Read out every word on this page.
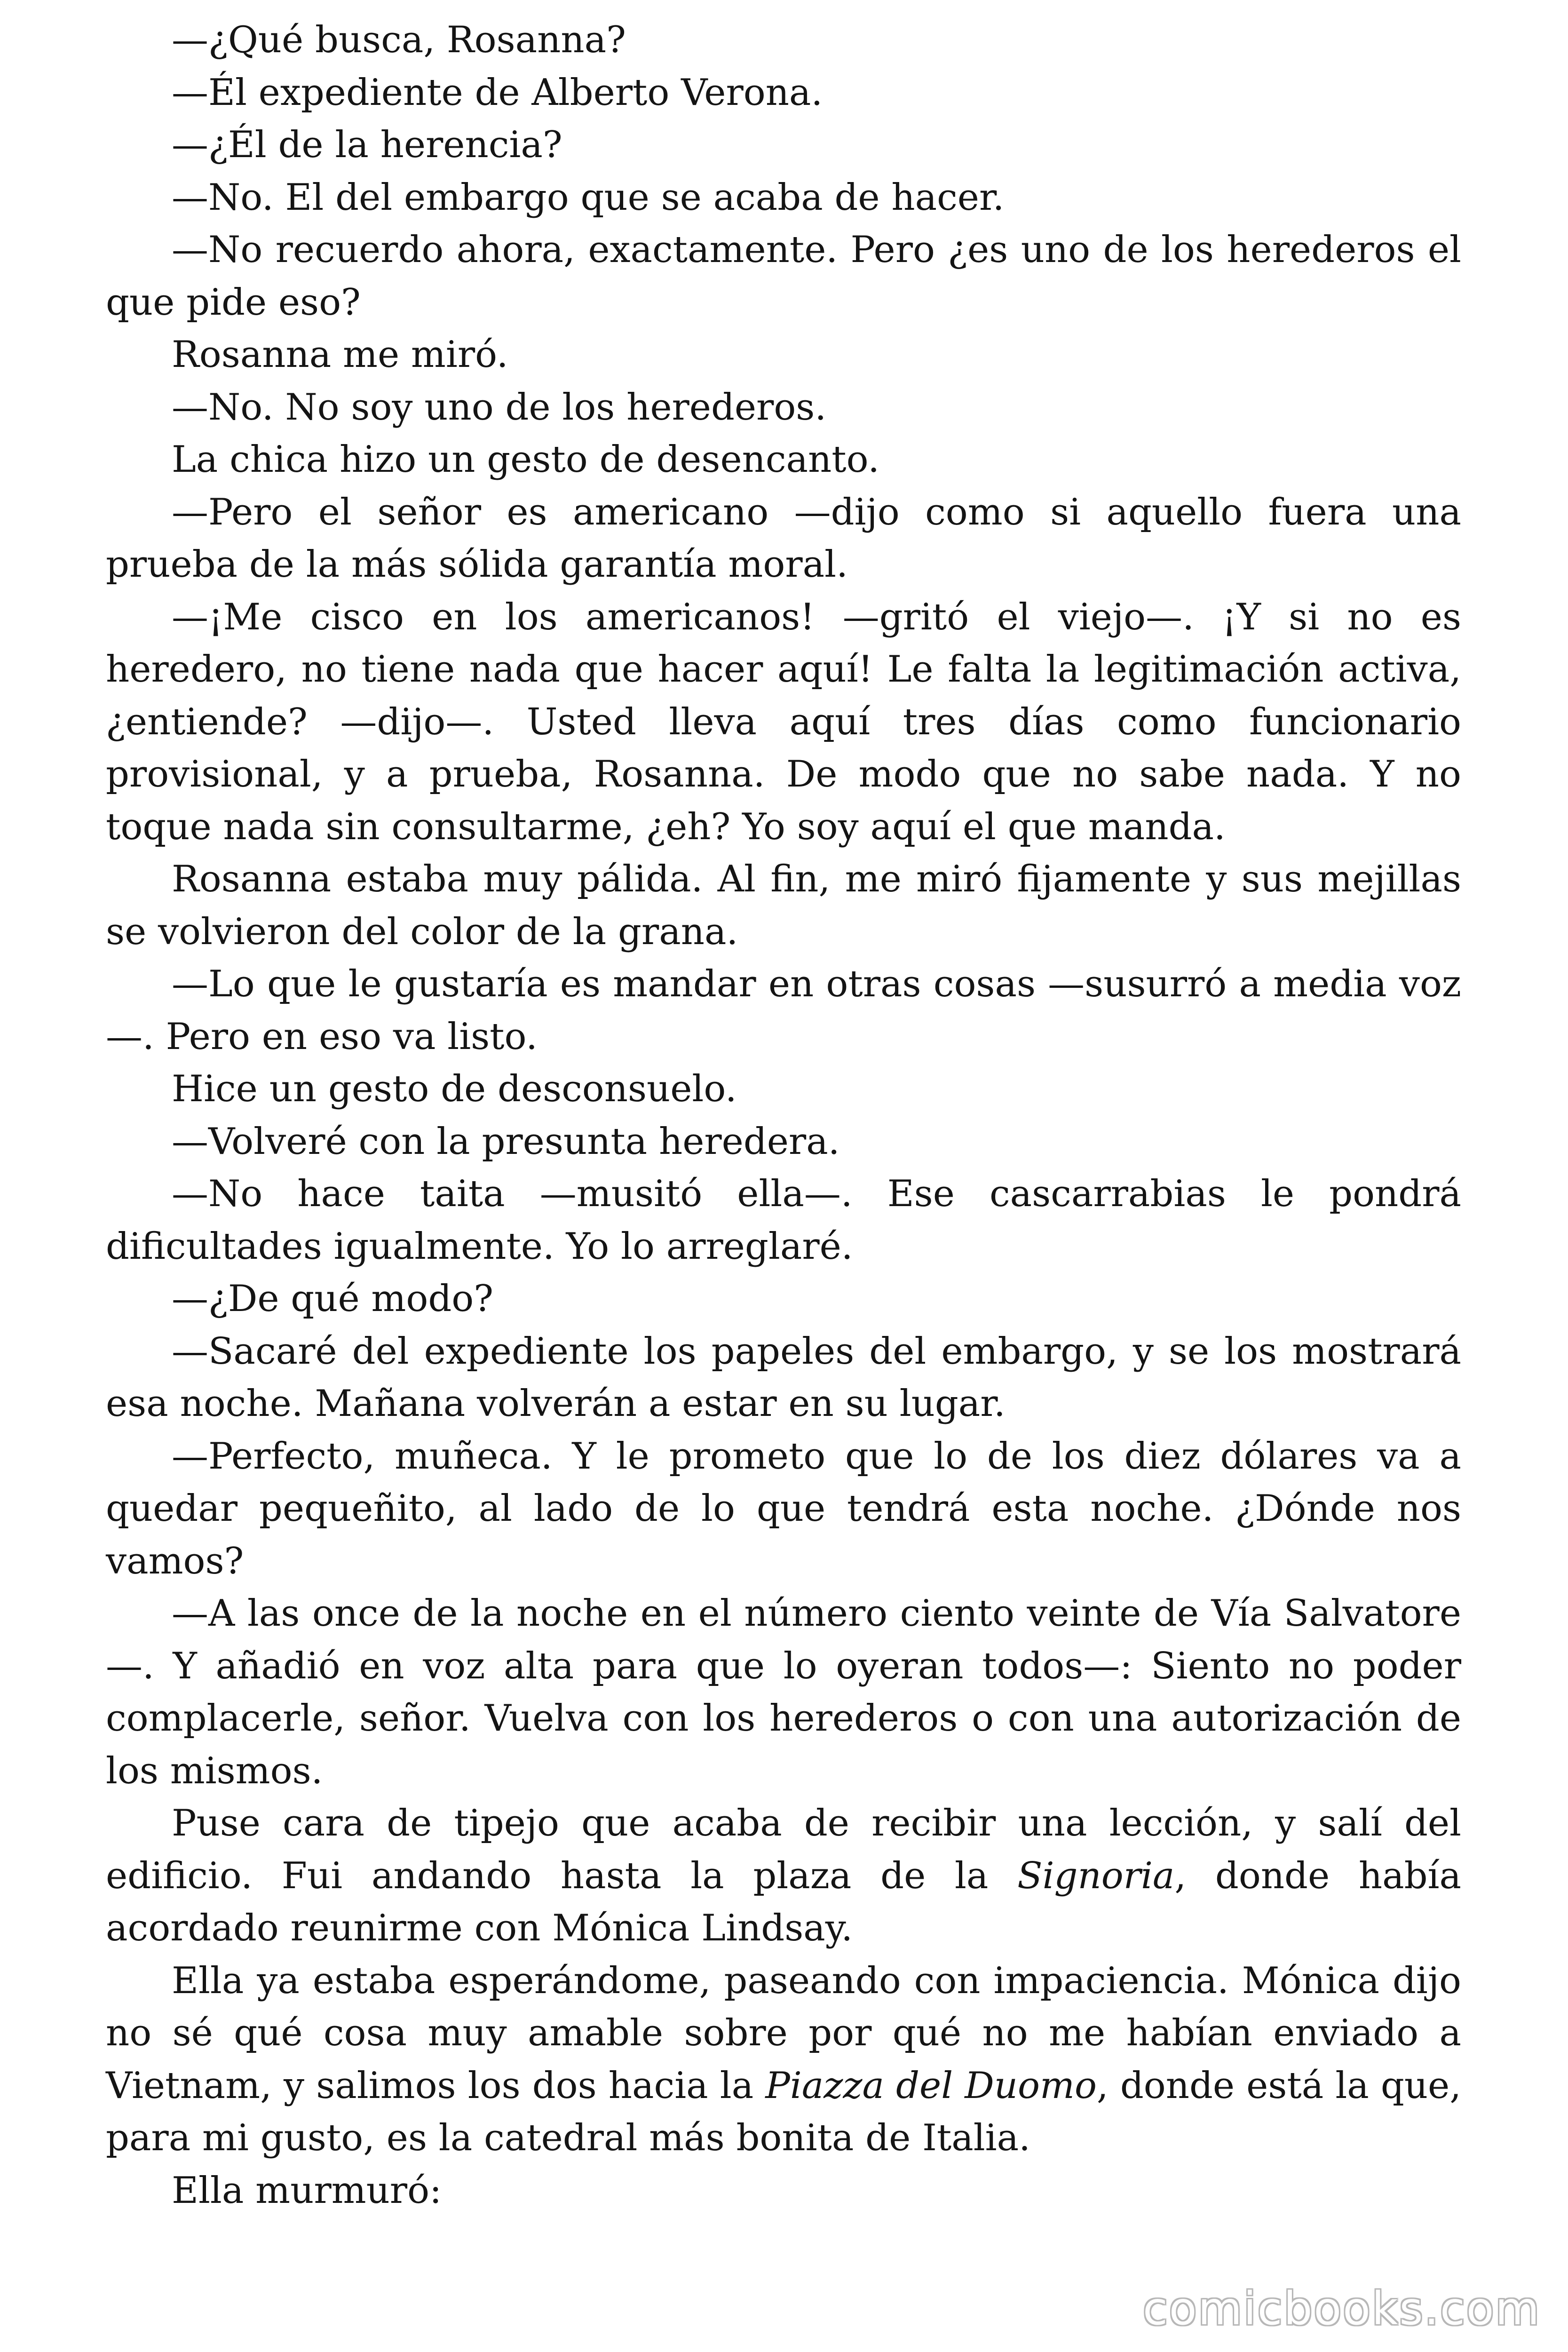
—¿Qué busca, Rosanna?

—Él expediente de Alberto Verona.

—¿Él de la herencia?

—No. El del embargo que se acaba de hacer.

—No recuerdo ahora, exactamente. Pero ¿es uno de los herederos el que pide eso?

Rosanna me miró.

—No. No soy uno de los herederos.

La chica hizo un gesto de desencanto.

—Pero el señor es americano —dijo como si aquello fuera una prueba de la más sólida garantía moral.

—¡Me cisco en los americanos! —gritó el viejo—. ¡Y si no es heredero, no tiene nada que hacer aquí! Le falta la legitimación activa, ¿entiende? —dijo—. Usted lleva aquí tres días como funcionario provisional, y a prueba, Rosanna. De modo que no sabe nada. Y no toque nada sin consultarme, ¿eh? Yo soy aquí el que manda.

Rosanna estaba muy pálida. Al fin, me miró fijamente y sus mejillas se volvieron del color de la grana.

—Lo que le gustaría es mandar en otras cosas —susurró a media voz—. Pero en eso va listo.

Hice un gesto de desconsuelo.

—Volveré con la presunta heredera.

—No hace taita —musitó ella—. Ese cascarrabias le pondrá dificultades igualmente. Yo lo arreglaré.

—¿De qué modo?

—Sacaré del expediente los papeles del embargo, y se los mostrará esa noche. Mañana volverán a estar en su lugar.

—Perfecto, muñeca. Y le prometo que lo de los diez dólares va a quedar pequeñito, al lado de lo que tendrá esta noche. ¿Dónde nos vamos?

—A las once de la noche en el número ciento veinte de Vía Salvatore—. Y añadió en voz alta para que lo oyeran todos—: Siento no poder complacerle, señor. Vuelva con los herederos o con una autorización de los mismos.

Puse cara de tipejo que acaba de recibir una lección, y salí del edificio. Fui andando hasta la plaza de la Signoria, donde había acordado reunirme con Mónica Lindsay.

Ella ya estaba esperándome, paseando con impaciencia. Mónica dijo no sé qué cosa muy amable sobre por qué no me habían enviado a Vietnam, y salimos los dos hacia la Piazza del Duomo, donde está la que, para mi gusto, es la catedral más bonita de Italia.

Ella murmuró:

comicbooks.com
